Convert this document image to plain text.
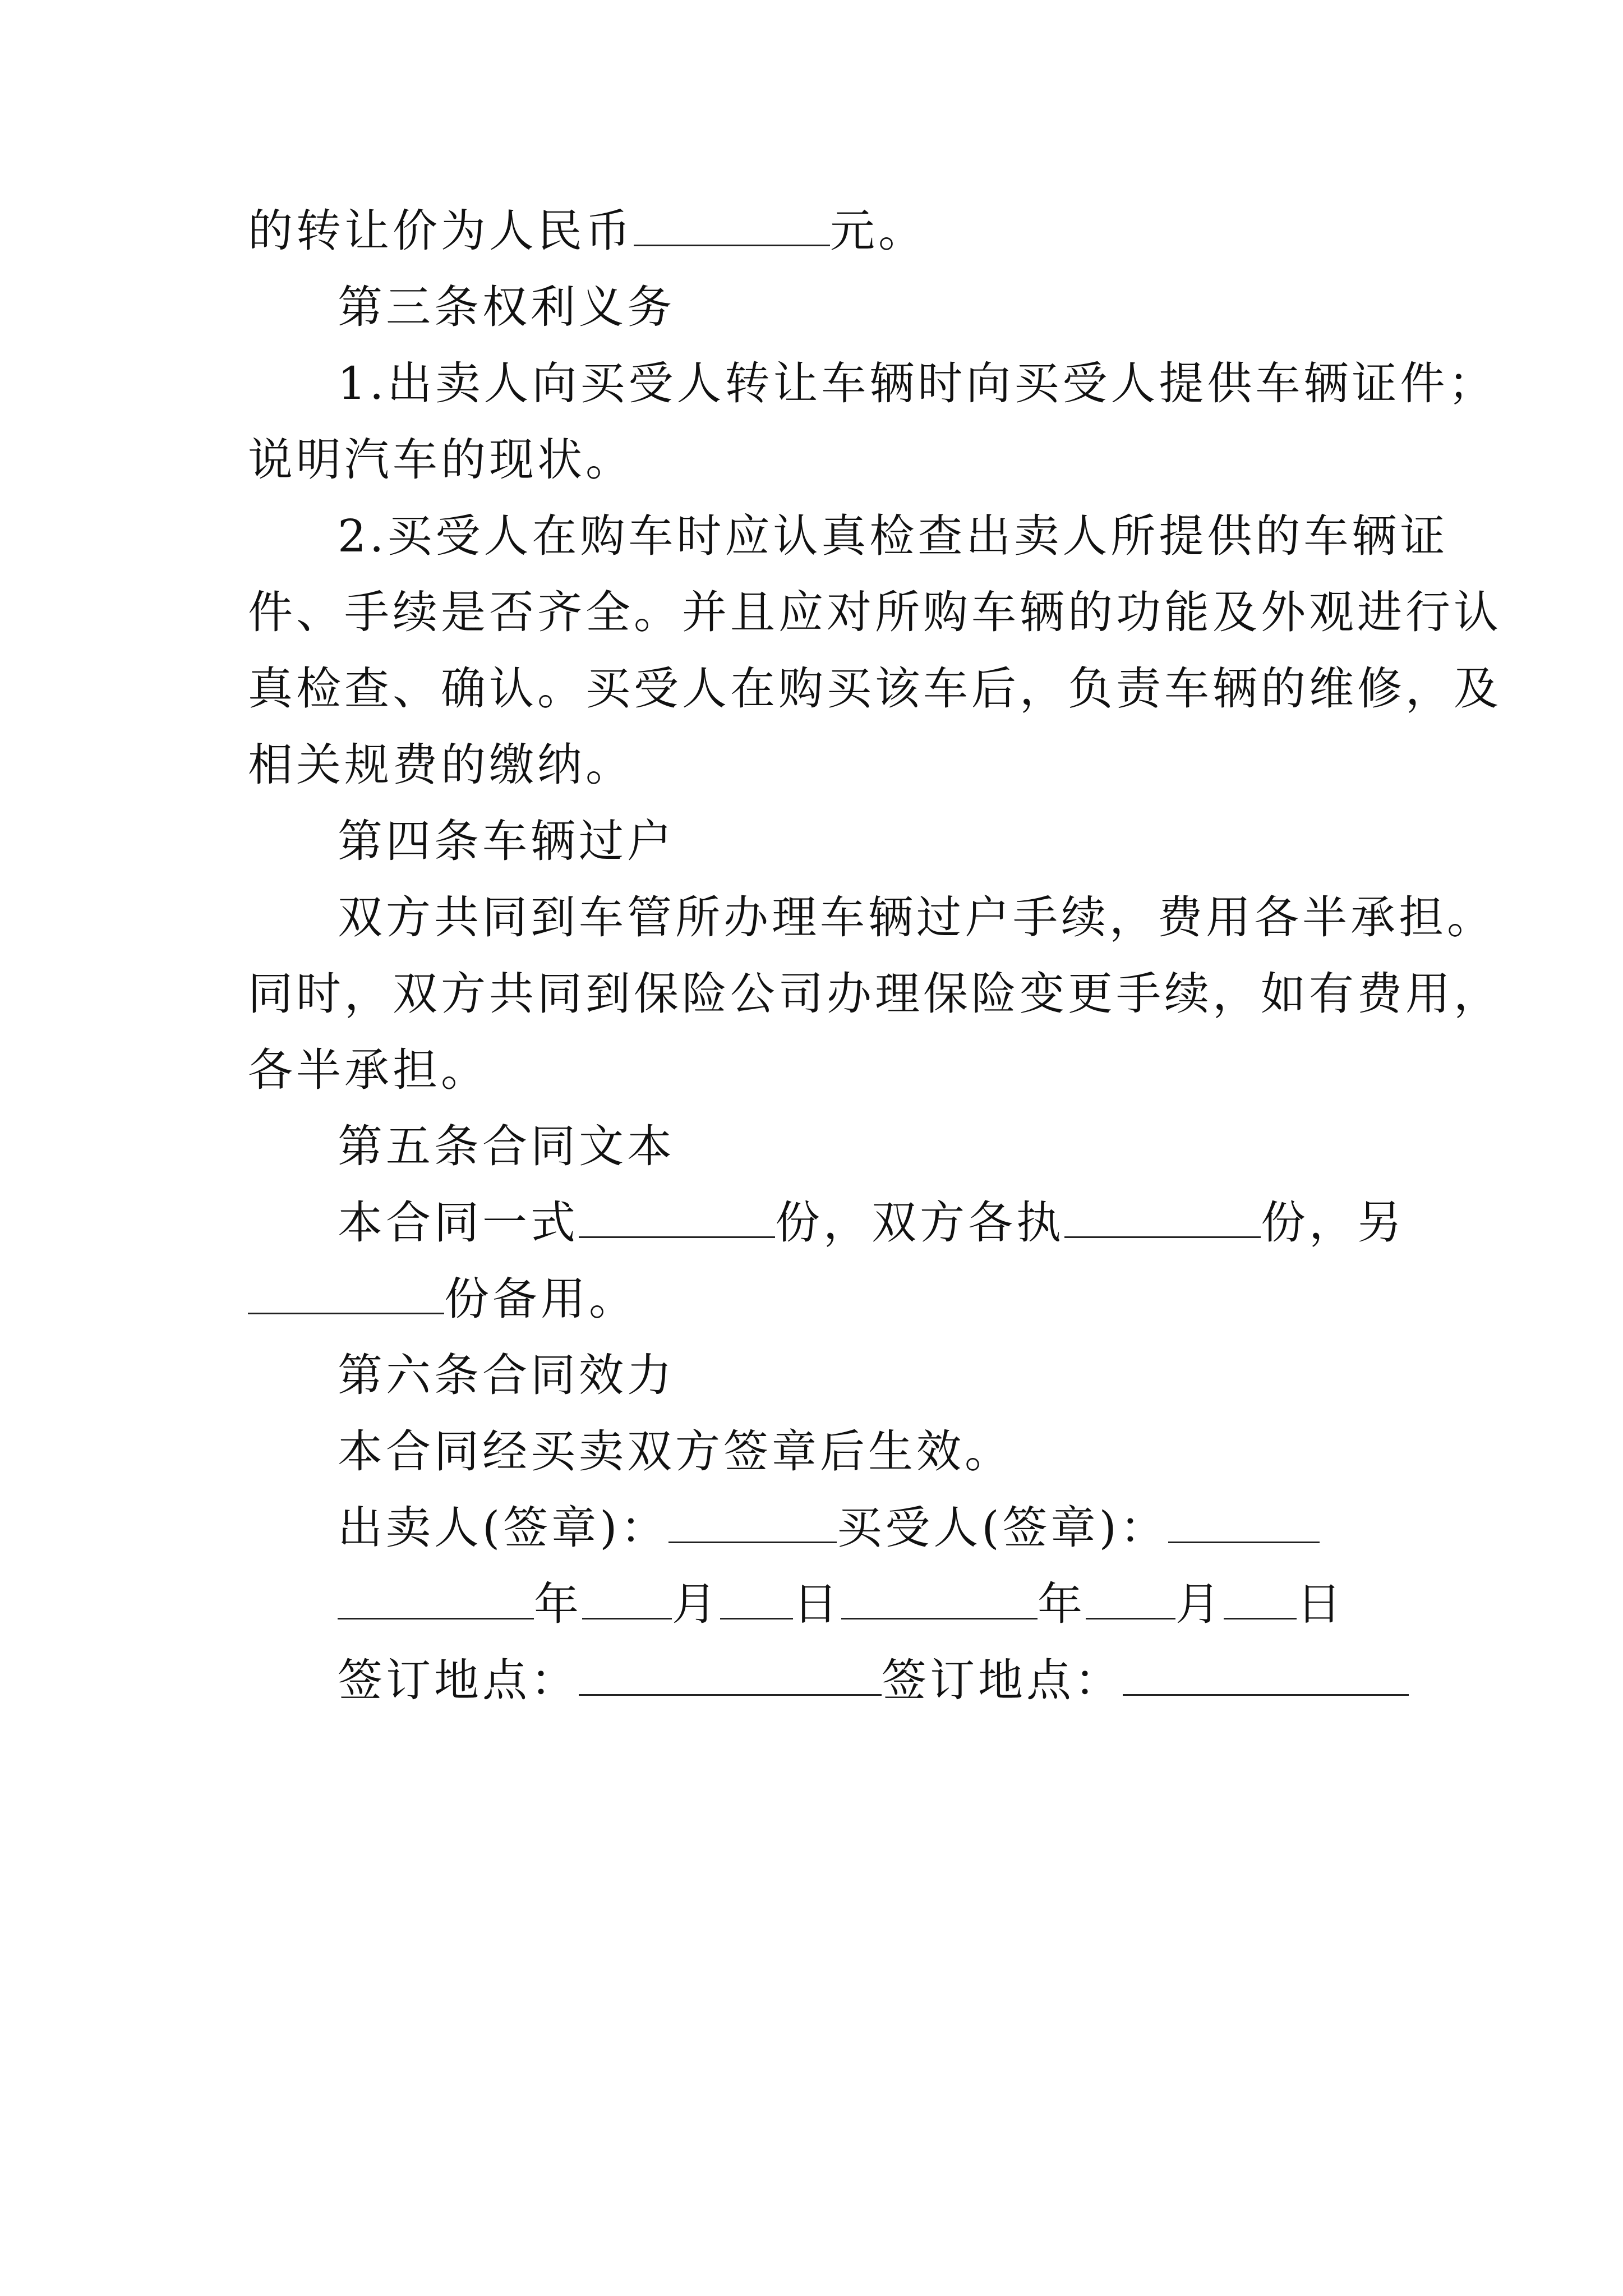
的转让价为人民币	元。
第三条权利义务
1.出卖人向买受人转让车辆时向买受人提供车辆证件；
说明汽车的现状。
2.买受人在购车时应认真检查出卖人所提供的车辆证
件、手续是否齐全。并且应对所购车辆的功能及外观进行认
真检查、确认。买受人在购买该车后，负责车辆的维修，及
相关规费的缴纳。
第四条车辆过户
双方共同到车管所办理车辆过户手续，费用各半承担。
同时，双方共同到保险公司办理保险变更手续，如有费用，
各半承担。
第五条合同文本
本合同一式	份，双方各执	份，另
份备用。
第六条合同效力
本合同经买卖双方签章后生效。
出卖人(签章)：	买受人(签章)：
年 月 日	年 月 日
签订地点：	签订地点：
